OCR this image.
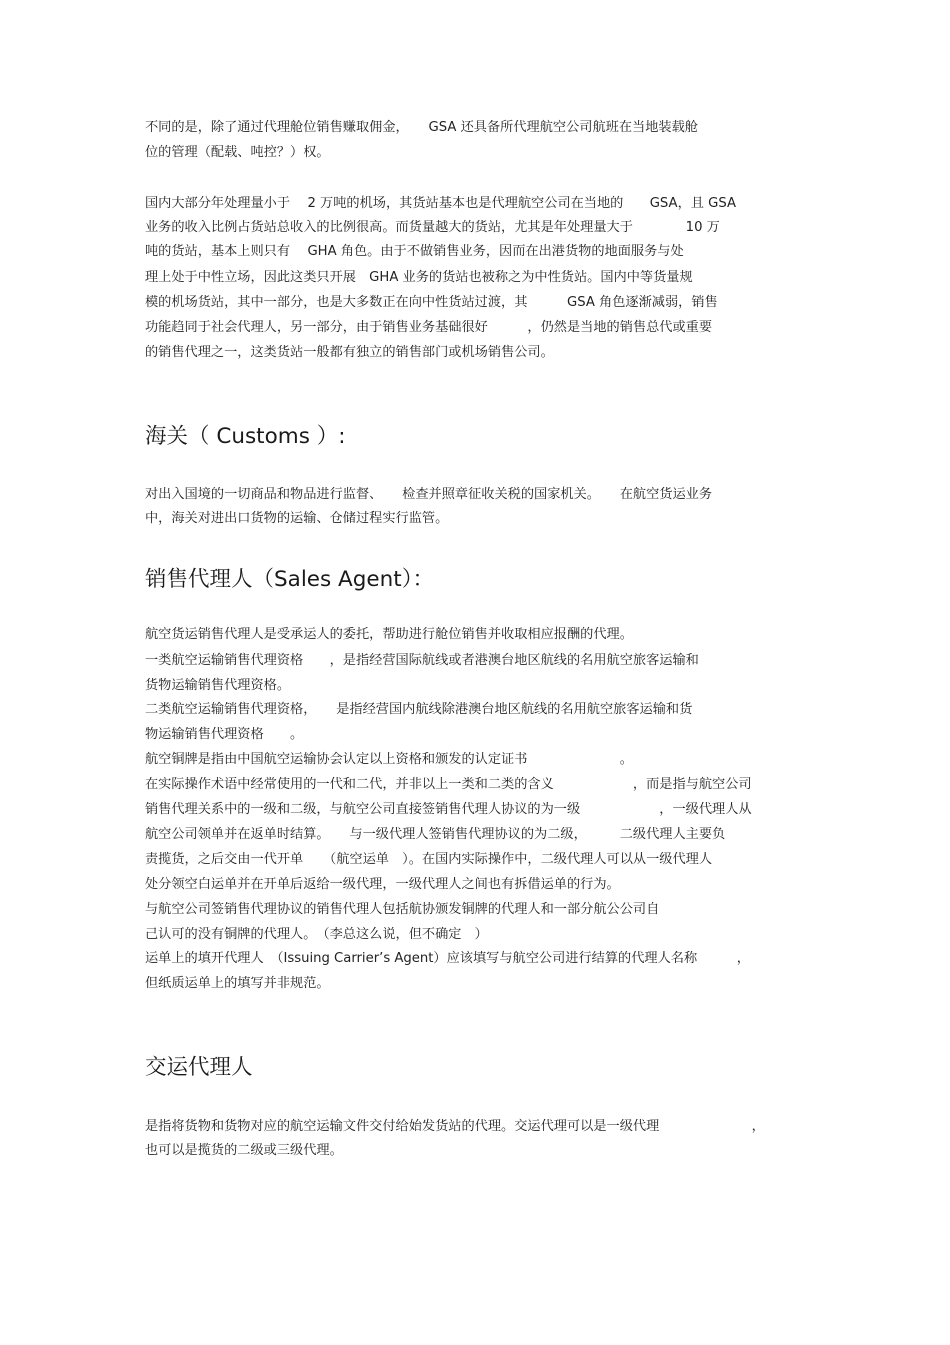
不同的是，除了通过代理舱位销售赚取佣金，　　GSA 还具备所代理航空公司航班在当地装载舱
位的管理（配载、吨控？）权。
国内大部分年处理量小于　 2 万吨的机场，其货站基本也是代理航空公司在当地的　　GSA，且 GSA
业务的收入比例占货站总收入的比例很高。而货量越大的货站，尤其是年处理量大于　　　　10 万
吨的货站，基本上则只有　 GHA 角色。由于不做销售业务，因而在出港货物的地面服务与处
理上处于中性立场，因此这类只开展　GHA 业务的货站也被称之为中性货站。国内中等货量规
模的机场货站，其中一部分，也是大多数正在向中性货站过渡，其　　　GSA 角色逐渐减弱，销售
功能趋同于社会代理人，另一部分，由于销售业务基础很好　　　，仍然是当地的销售总代或重要
的销售代理之一，这类货站一般都有独立的销售部门或机场销售公司。
海关（ Customs ）:
对出入国境的一切商品和物品进行监督、　　检查并照章征收关税的国家机关。　　在航空货运业务
中，海关对进出口货物的运输、仓储过程实行监管。
销售代理人（Sales Agent）：
航空货运销售代理人是受承运人的委托，帮助进行舱位销售并收取相应报酬的代理。
一类航空运输销售代理资格　　，是指经营国际航线或者港澳台地区航线的名用航空旅客运输和
货物运输销售代理资格。
二类航空运输销售代理资格，　　是指经营国内航线除港澳台地区航线的名用航空旅客运输和货
物运输销售代理资格　　。
航空铜牌是指由中国航空运输协会认定以上资格和颁发的认定证书　　　　　　　。
在实际操作术语中经常使用的一代和二代，并非以上一类和二类的含义　　　　　　，而是指与航空公司
销售代理关系中的一级和二级，与航空公司直接签销售代理人协议的为一级　　　　　　，一级代理人从
航空公司领单并在返单时结算。　　与一级代理人签销售代理协议的为二级，　　　二级代理人主要负
责揽货，之后交由一代开单　　（航空运单　）。在国内实际操作中，二级代理人可以从一级代理人
处分领空白运单并在开单后返给一级代理，一级代理人之间也有拆借运单的行为。
与航空公司签销售代理协议的销售代理人包括航协颁发铜牌的代理人和一部分航公公司自
己认可的没有铜牌的代理人。　（李总这么说，但不确定　）
运单上的填开代理人　（Issuing Carrier’s Agent）应该填写与航空公司进行结算的代理人名称　　　，
但纸质运单上的填写并非规范。
交运代理人
是指将货物和货物对应的航空运输文件交付给始发货站的代理。交运代理可以是一级代理　　　　　　　，
也可以是揽货的二级或三级代理。
